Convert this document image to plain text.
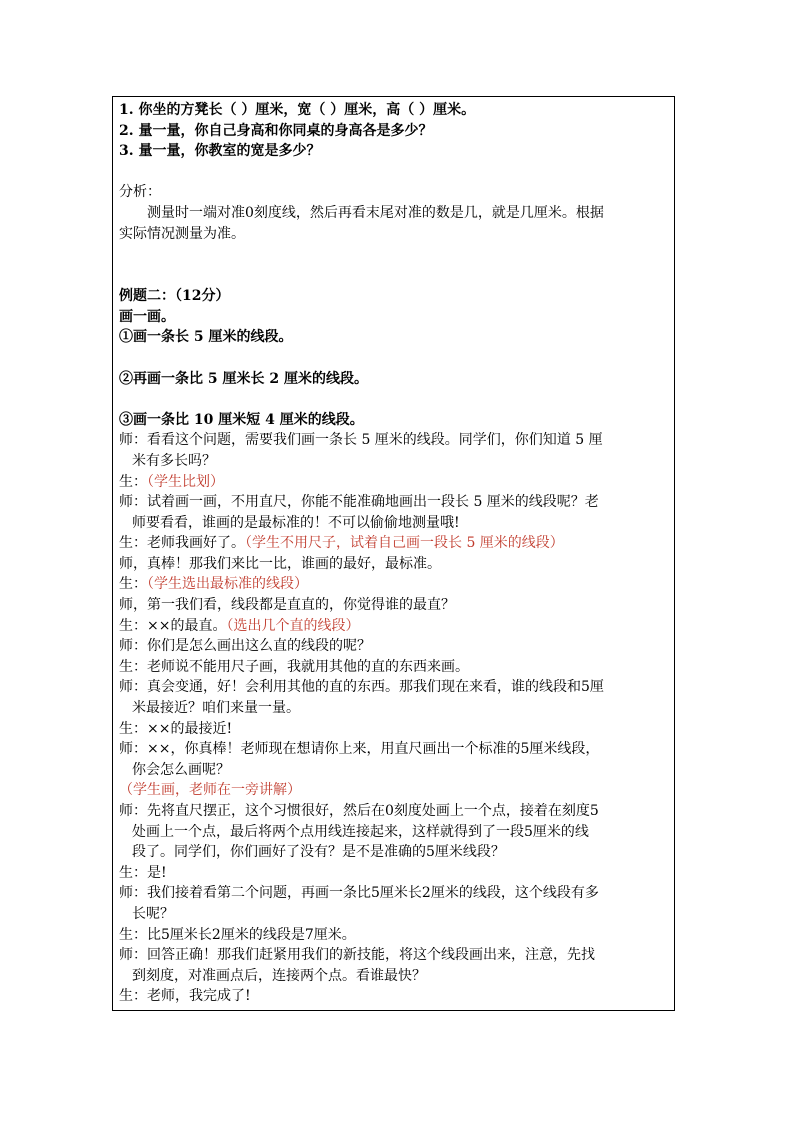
1. 你坐的方凳长（ ）厘米，宽（ ）厘米，高（ ）厘米。
2. 量一量，你自己身高和你同桌的身高各是多少？
3. 量一量，你教室的宽是多少？
分析：
测量时一端对准0刻度线，然后再看末尾对准的数是几，就是几厘米。根据
实际情况测量为准。
例题二：（12分）
画一画。
①画一条长 5 厘米的线段。
②再画一条比 5 厘米长 2 厘米的线段。
③画一条比 10 厘米短 4 厘米的线段。
师：看看这个问题，需要我们画一条长 5 厘米的线段。同学们，你们知道 5 厘
米有多长吗？
生：（学生比划）
师：试着画一画，不用直尺，你能不能准确地画出一段长 5 厘米的线段呢？老
师要看看，谁画的是最标准的！不可以偷偷地测量哦!
生：老师我画好了。（学生不用尺子，试着自己画一段长 5 厘米的线段）
师，真棒！那我们来比一比，谁画的最好，最标准。
生：（学生选出最标准的线段）
师，第一我们看，线段都是直直的，你觉得谁的最直？
生：××的最直。（选出几个直的线段）
师：你们是怎么画出这么直的线段的呢？
生：老师说不能用尺子画，我就用其他的直的东西来画。
师：真会变通，好！会利用其他的直的东西。那我们现在来看，谁的线段和5厘
米最接近？咱们来量一量。
生：××的最接近!
师：××，你真棒！老师现在想请你上来，用直尺画出一个标准的5厘米线段，
你会怎么画呢？
（学生画，老师在一旁讲解）
师：先将直尺摆正，这个习惯很好，然后在0刻度处画上一个点，接着在刻度5
处画上一个点，最后将两个点用线连接起来，这样就得到了一段5厘米的线
段了。同学们，你们画好了没有？是不是准确的5厘米线段？
生：是!
师：我们接着看第二个问题，再画一条比5厘米长2厘米的线段，这个线段有多
长呢？
生：比5厘米长2厘米的线段是7厘米。
师：回答正确！那我们赶紧用我们的新技能，将这个线段画出来，注意，先找
到刻度，对准画点后，连接两个点。看谁最快？
生：老师，我完成了!
